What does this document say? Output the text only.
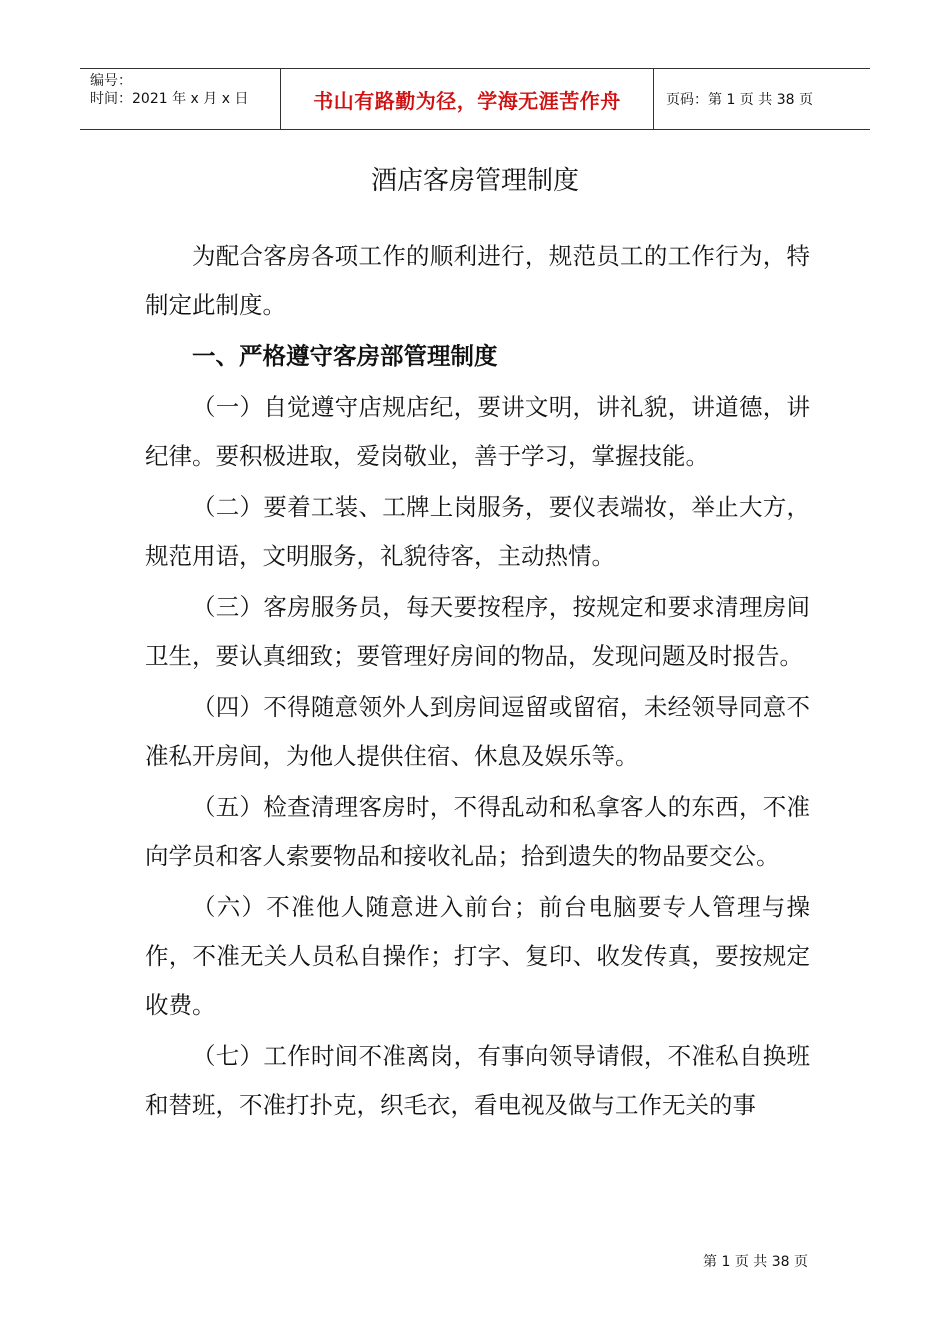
编号：
时间：2021 年 x 月 x 日	书山有路勤为径，学海无涯苦作舟	页码：第 1 页 共 38 页
酒店客房管理制度

为配合客房各项工作的顺利进行，规范员工的工作行为，特制定此制度。

一、严格遵守客房部管理制度

（一）自觉遵守店规店纪，要讲文明，讲礼貌，讲道德，讲纪律。要积极进取，爱岗敬业，善于学习，掌握技能。

（二）要着工装、工牌上岗服务，要仪表端妆，举止大方，规范用语，文明服务，礼貌待客，主动热情。

（三）客房服务员，每天要按程序，按规定和要求清理房间卫生，要认真细致；要管理好房间的物品，发现问题及时报告。

（四）不得随意领外人到房间逗留或留宿，未经领导同意不准私开房间，为他人提供住宿、休息及娱乐等。

（五）检查清理客房时，不得乱动和私拿客人的东西，不准向学员和客人索要物品和接收礼品；拾到遗失的物品要交公。

（六）不准他人随意进入前台；前台电脑要专人管理与操作，不准无关人员私自操作；打字、复印、收发传真，要按规定收费。

（七）工作时间不准离岗，有事向领导请假，不准私自换班和替班，不准打扑克，织毛衣，看电视及做与工作无关的事

第 1 页 共 38 页
